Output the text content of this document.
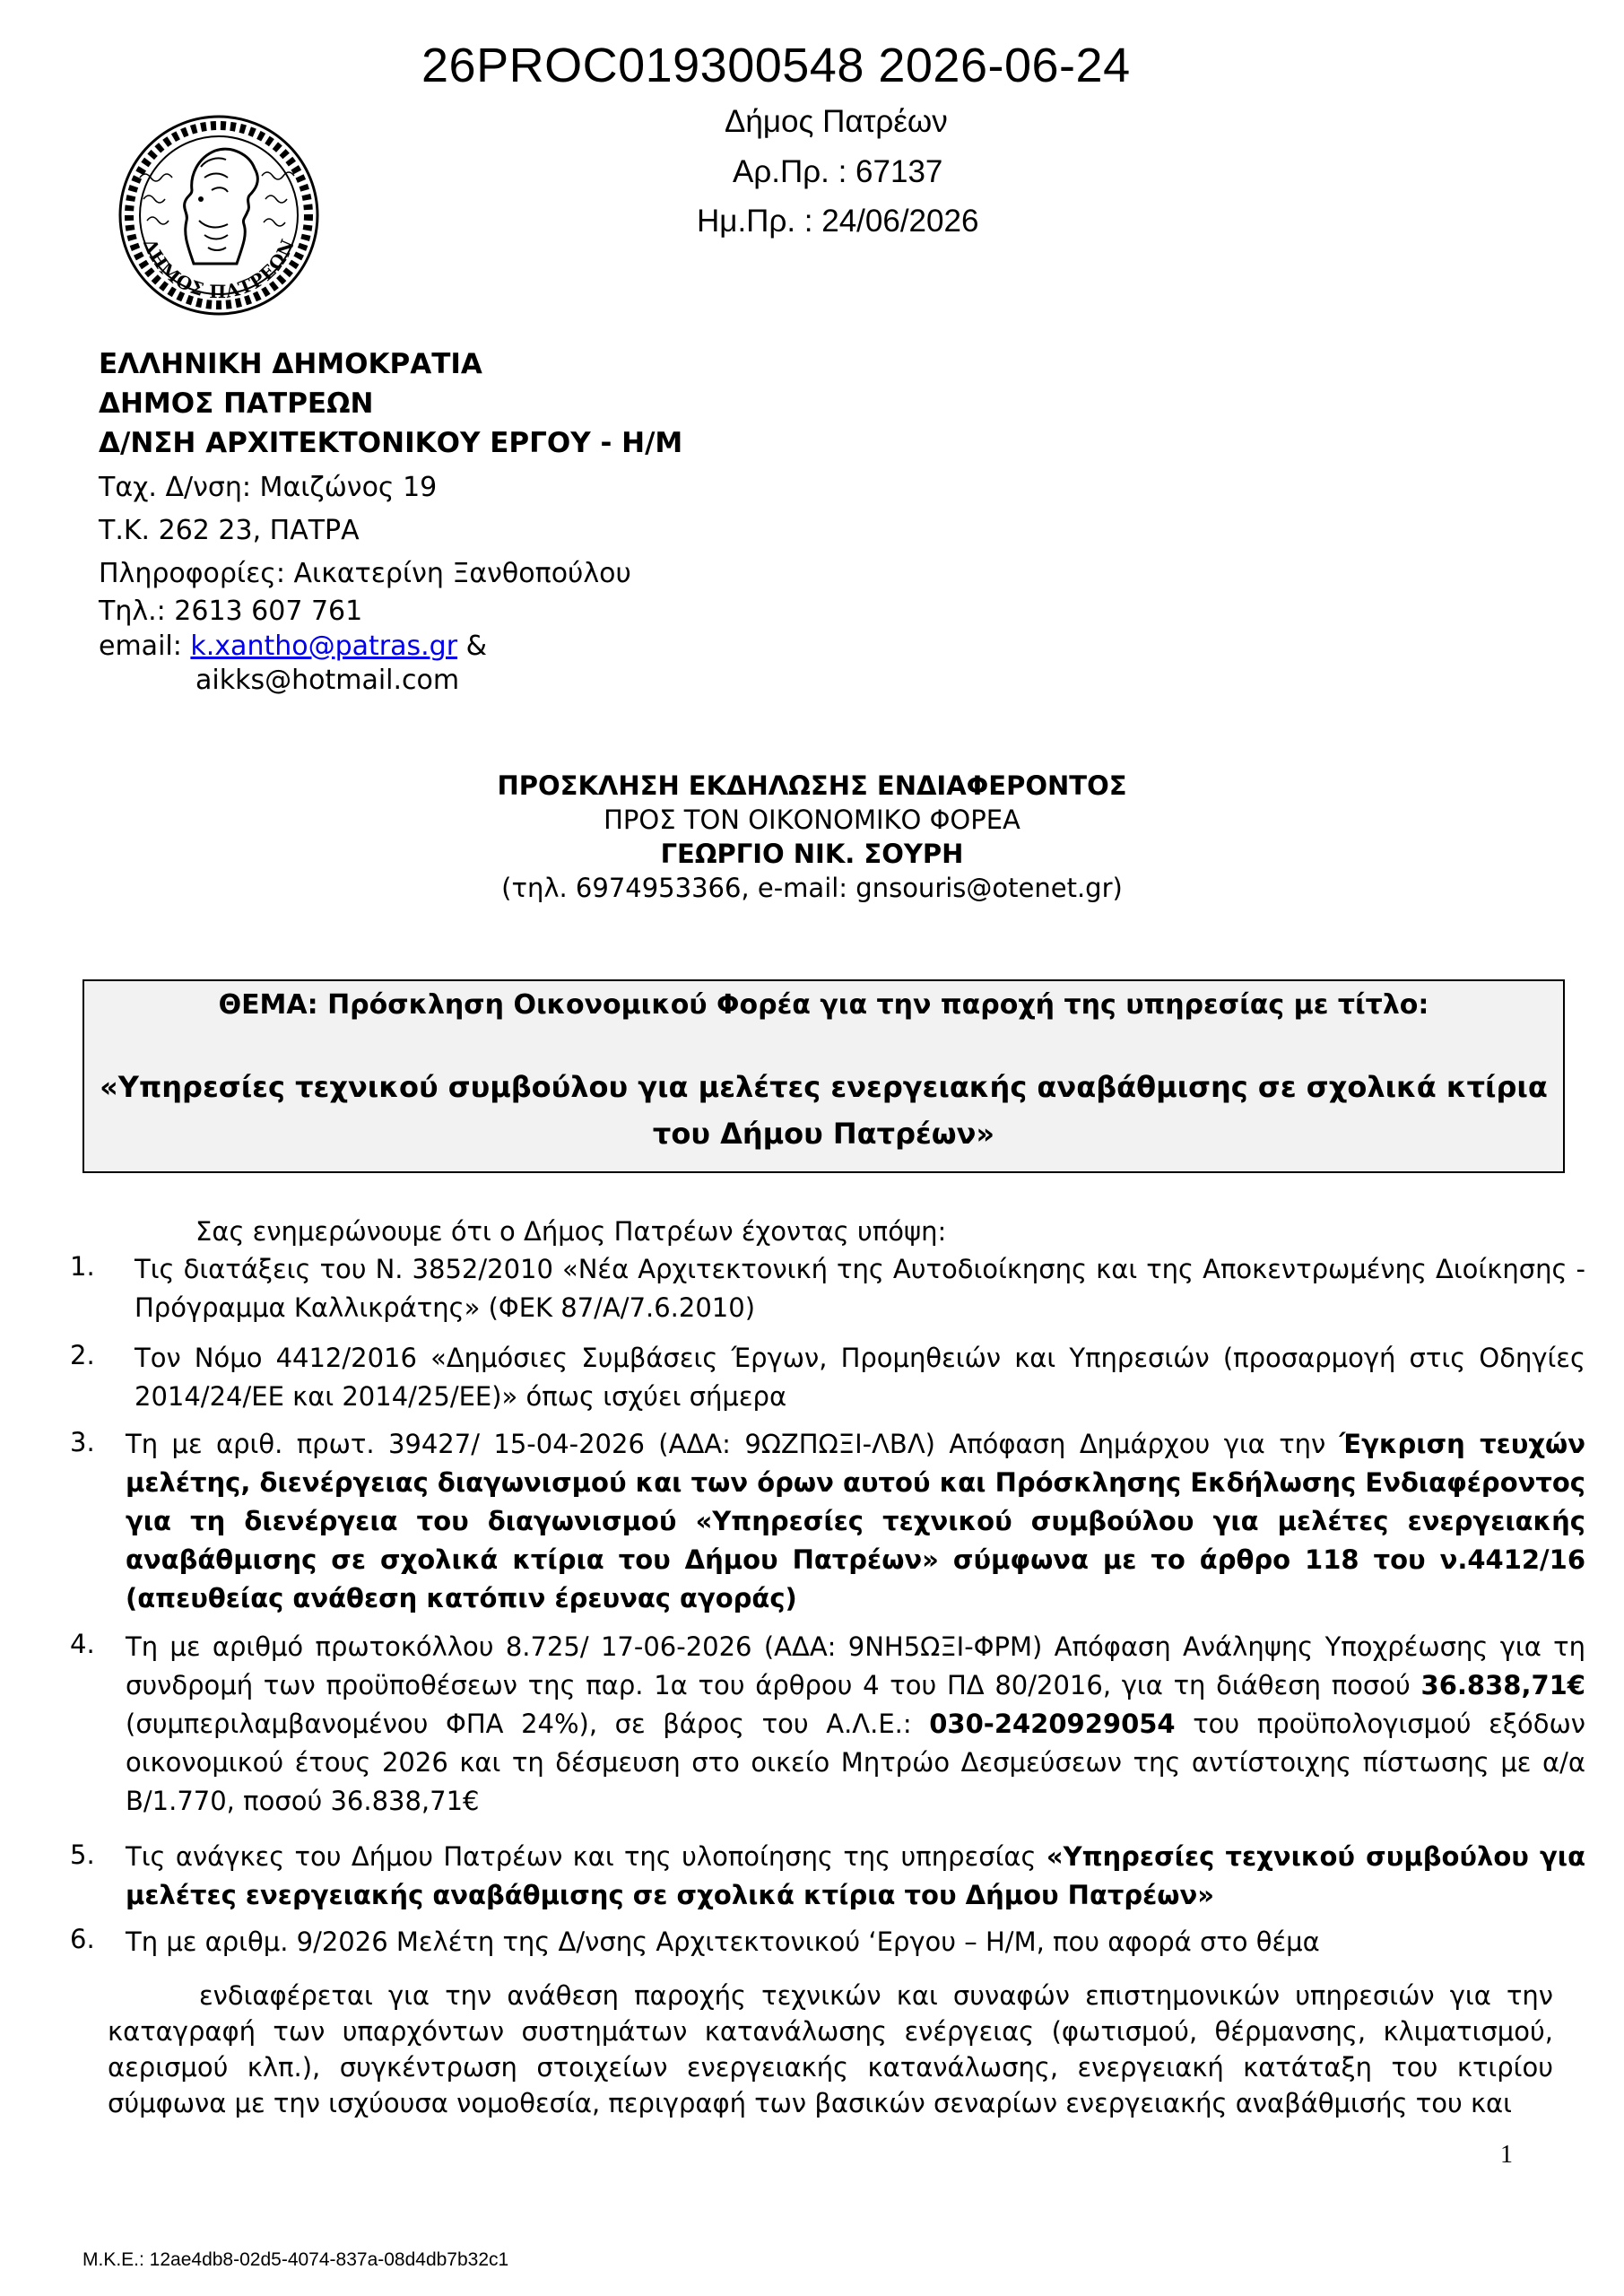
26PROC019300548 2026-06-24
Δήμος Πατρέων
Αρ.Πρ. : 67137
Ημ.Πρ. : 24/06/2026
ΔΗΜΟΣ ΠΑΤΡΕΩΝ
ΕΛΛΗΝΙΚΗ ΔΗΜΟΚΡΑΤΙΑ
ΔΗΜΟΣ ΠΑΤΡΕΩΝ
Δ/ΝΣΗ ΑΡΧΙΤΕΚΤΟΝΙΚΟΥ ΕΡΓΟΥ - Η/Μ
Ταχ. Δ/νση: Μαιζώνος 19
Τ.Κ. 262 23, ΠΑΤΡΑ
Πληροφορίες: Αικατερίνη Ξανθοπούλου
Τηλ.: 2613 607 761
email: k.xantho@patras.gr &
aikks@hotmail.com
ΠΡΟΣΚΛΗΣΗ ΕΚΔΗΛΩΣΗΣ ΕΝΔΙΑΦΕΡΟΝΤΟΣ
ΠΡΟΣ ΤΟΝ ΟΙΚΟΝΟΜΙΚΟ ΦΟΡΕΑ
ΓΕΩΡΓΙΟ ΝΙΚ. ΣΟΥΡΗ
(τηλ. 6974953366, e-mail: gnsouris@otenet.gr)
ΘΕΜΑ: Πρόσκληση Οικονομικού Φορέα για την παροχή της υπηρεσίας με τίτλο:
«Υπηρεσίες τεχνικού συμβούλου για μελέτες ενεργειακής αναβάθμισης σε σχολικά κτίρια
του Δήμου Πατρέων»
Σας ενημερώνουμε ότι ο Δήμος Πατρέων έχοντας υπόψη:
1. Τις διατάξεις του Ν. 3852/2010 «Νέα Αρχιτεκτονική της Αυτοδιοίκησης και της Αποκεντρωμένης Διοίκησης - Πρόγραμμα Καλλικράτης» (ΦΕΚ 87/Α/7.6.2010)
2. Τον Νόμο 4412/2016 «Δημόσιες Συμβάσεις Έργων, Προμηθειών και Υπηρεσιών (προσαρμογή στις Οδηγίες 2014/24/ΕΕ και 2014/25/ΕΕ)» όπως ισχύει σήμερα
3. Τη με αριθ. πρωτ. 39427/ 15-04-2026 (ΑΔΑ: 9ΩΖΠΩΞΙ-ΛΒΛ) Απόφαση Δημάρχου για την Έγκριση τευχών μελέτης, διενέργειας διαγωνισμού και των όρων αυτού και Πρόσκλησης Εκδήλωσης Ενδιαφέροντος για τη διενέργεια του διαγωνισμού «Υπηρεσίες τεχνικού συμβούλου για μελέτες ενεργειακής αναβάθμισης σε σχολικά κτίρια του Δήμου Πατρέων» σύμφωνα με το άρθρο 118 του ν.4412/16 (απευθείας ανάθεση κατόπιν έρευνας αγοράς)
4. Τη με αριθμό πρωτοκόλλου 8.725/ 17-06-2026 (ΑΔΑ: 9ΝΗ5ΩΞΙ-ΦΡΜ) Απόφαση Ανάληψης Υποχρέωσης για τη συνδρομή των προϋποθέσεων της παρ. 1α του άρθρου 4 του ΠΔ 80/2016, για τη διάθεση ποσού 36.838,71€ (συμπεριλαμβανομένου ΦΠΑ 24%), σε βάρος του Α.Λ.Ε.: 030-2420929054 του προϋπολογισμού εξόδων οικονομικού έτους 2026 και τη δέσμευση στο οικείο Μητρώο Δεσμεύσεων της αντίστοιχης πίστωσης με α/α Β/1.770, ποσού 36.838,71€
5. Τις ανάγκες του Δήμου Πατρέων και της υλοποίησης της υπηρεσίας «Υπηρεσίες τεχνικού συμβούλου για μελέτες ενεργειακής αναβάθμισης σε σχολικά κτίρια του Δήμου Πατρέων»
6. Τη με αριθμ. 9/2026 Μελέτη της Δ/νσης Αρχιτεκτονικού ‘Εργου – Η/Μ, που αφορά στο θέμα
ενδιαφέρεται για την ανάθεση παροχής τεχνικών και συναφών επιστημονικών υπηρεσιών για την καταγραφή των υπαρχόντων συστημάτων κατανάλωσης ενέργειας (φωτισμού, θέρμανσης, κλιματισμού, αερισμού κλπ.), συγκέντρωση στοιχείων ενεργειακής κατανάλωσης, ενεργειακή κατάταξη του κτιρίου σύμφωνα με την ισχύουσα νομοθεσία, περιγραφή των βασικών σεναρίων ενεργειακής αναβάθμισής του και
1
Μ.Κ.Ε.: 12ae4db8-02d5-4074-837a-08d4db7b32c1
